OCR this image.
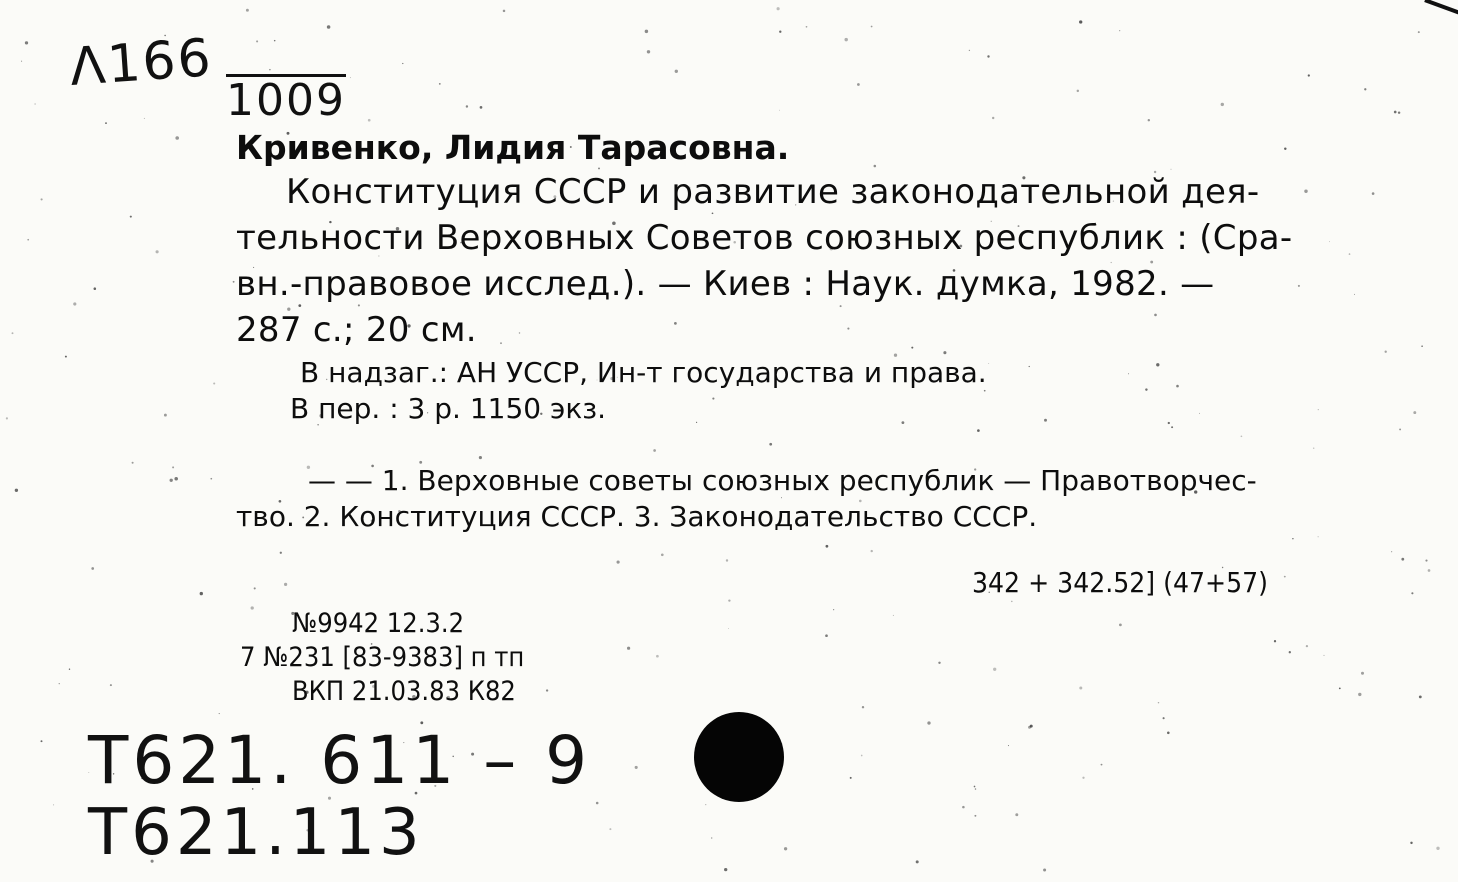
Λ166
1009
Кривенко, Лидия Тарасовна.
Конституция СССР и развитие законодательной дея-
тельности Верховных Советов союзных республик : (Сра-
вн.-правовое исслед.). — Киев : Наук. думка, 1982. —
287 с.; 20 см.
В надзаг.: АН УССР, Ин-т государства и права.
В пер. : 3 р. 1150 экз.
— — 1. Верховные советы союзных республик — Правотворчес-
тво. 2. Конституция СССР. 3. Законодательство СССР.
342 + 342.52] (47+57)
№9942 12.3.2
7 №231 [83-9383] п тп
ВКП 21.03.83 К82
Т621. 611 – 9
Т621.113
